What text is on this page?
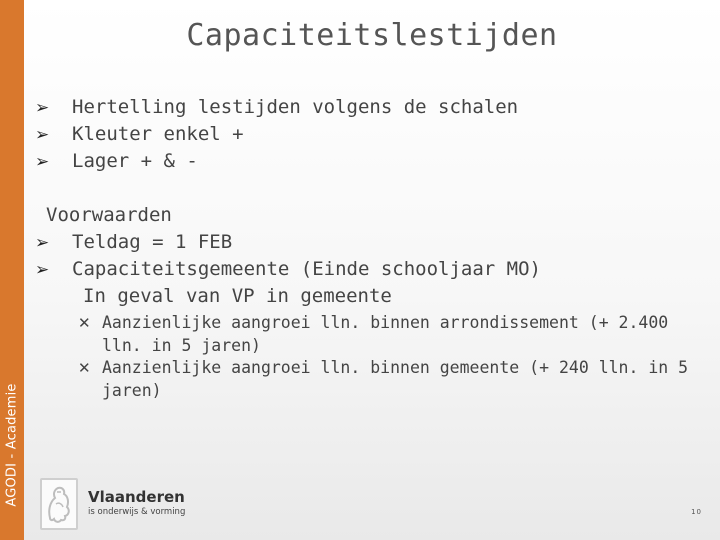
AGODI - Academie
Capaciteitslestijden
➢ Hertelling lestijden volgens de schalen
➢ Kleuter enkel +
➢ Lager + & -
Voorwaarden
➢ Teldag = 1 FEB
➢ Capaciteitsgemeente (Einde schooljaar MO)
In geval van VP in gemeente
✕ Aanzienlijke aangroei lln. binnen arrondissement (+ 2.400 lln. in 5 jaren)
✕ Aanzienlijke aangroei lln. binnen gemeente (+ 240 lln. in 5 jaren)
Vlaanderen
is onderwijs & vorming	10
